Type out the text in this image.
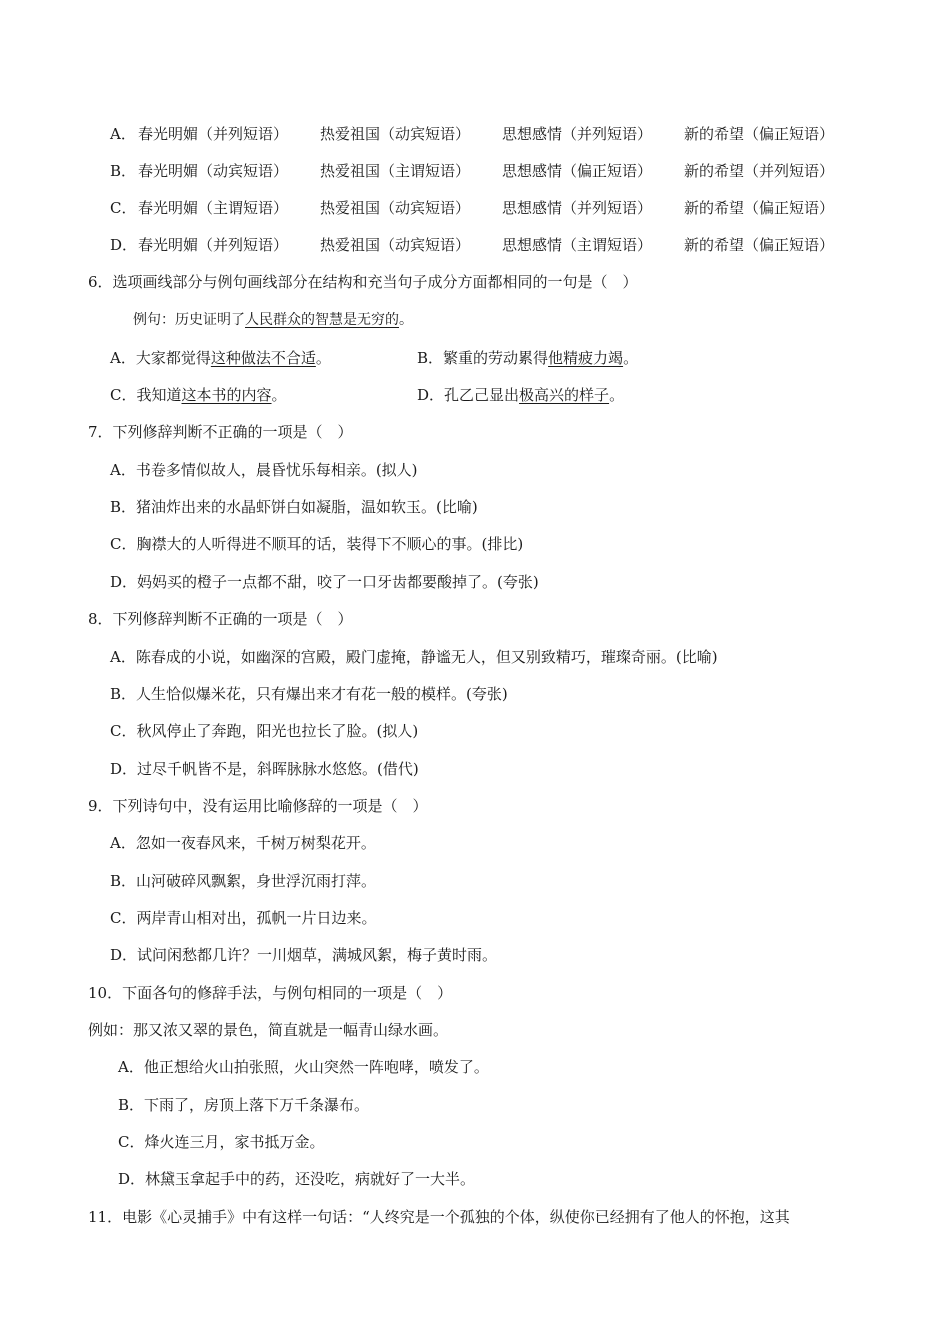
A． 春光明媚（并列短语） 热爱祖国（动宾短语） 思想感情（并列短语） 新的希望（偏正短语）
B． 春光明媚（动宾短语） 热爱祖国（主谓短语） 思想感情（偏正短语） 新的希望（并列短语）
C． 春光明媚（主谓短语） 热爱祖国（动宾短语） 思想感情（并列短语） 新的希望（偏正短语）
D． 春光明媚（并列短语） 热爱祖国（动宾短语） 思想感情（主谓短语） 新的希望（偏正短语）
6．选项画线部分与例句画线部分在结构和充当句子成分方面都相同的一句是（　）
例句：历史证明了人民群众的智慧是无穷的。
A．大家都觉得这种做法不合适。	B．繁重的劳动累得他精疲力竭。
C．我知道这本书的内容。	D．孔乙己显出极高兴的样子。
7．下列修辞判断不正确的一项是（　）
A．书卷多情似故人，晨昏忧乐每相亲。(拟人)
B．猪油炸出来的水晶虾饼白如凝脂，温如软玉。(比喻)
C．胸襟大的人听得进不顺耳的话，装得下不顺心的事。(排比)
D．妈妈买的橙子一点都不甜，咬了一口牙齿都要酸掉了。(夸张)
8．下列修辞判断不正确的一项是（　）
A．陈春成的小说，如幽深的宫殿，殿门虚掩，静谧无人，但又别致精巧，璀璨奇丽。(比喻)
B．人生恰似爆米花，只有爆出来才有花一般的模样。(夸张)
C．秋风停止了奔跑，阳光也拉长了脸。(拟人)
D．过尽千帆皆不是，斜晖脉脉水悠悠。(借代)
9．下列诗句中，没有运用比喻修辞的一项是（　）
A．忽如一夜春风来，千树万树梨花开。
B．山河破碎风飘絮，身世浮沉雨打萍。
C．两岸青山相对出，孤帆一片日边来。
D．试问闲愁都几许？一川烟草，满城风絮，梅子黄时雨。
10．下面各句的修辞手法，与例句相同的一项是（　）
例如：那又浓又翠的景色，简直就是一幅青山绿水画。
A．他正想给火山拍张照，火山突然一阵咆哮，喷发了。
B．下雨了，房顶上落下万千条瀑布。
C．烽火连三月，家书抵万金。
D．林黛玉拿起手中的药，还没吃，病就好了一大半。
11．电影《心灵捕手》中有这样一句话：“人终究是一个孤独的个体，纵使你已经拥有了他人的怀抱，这其
